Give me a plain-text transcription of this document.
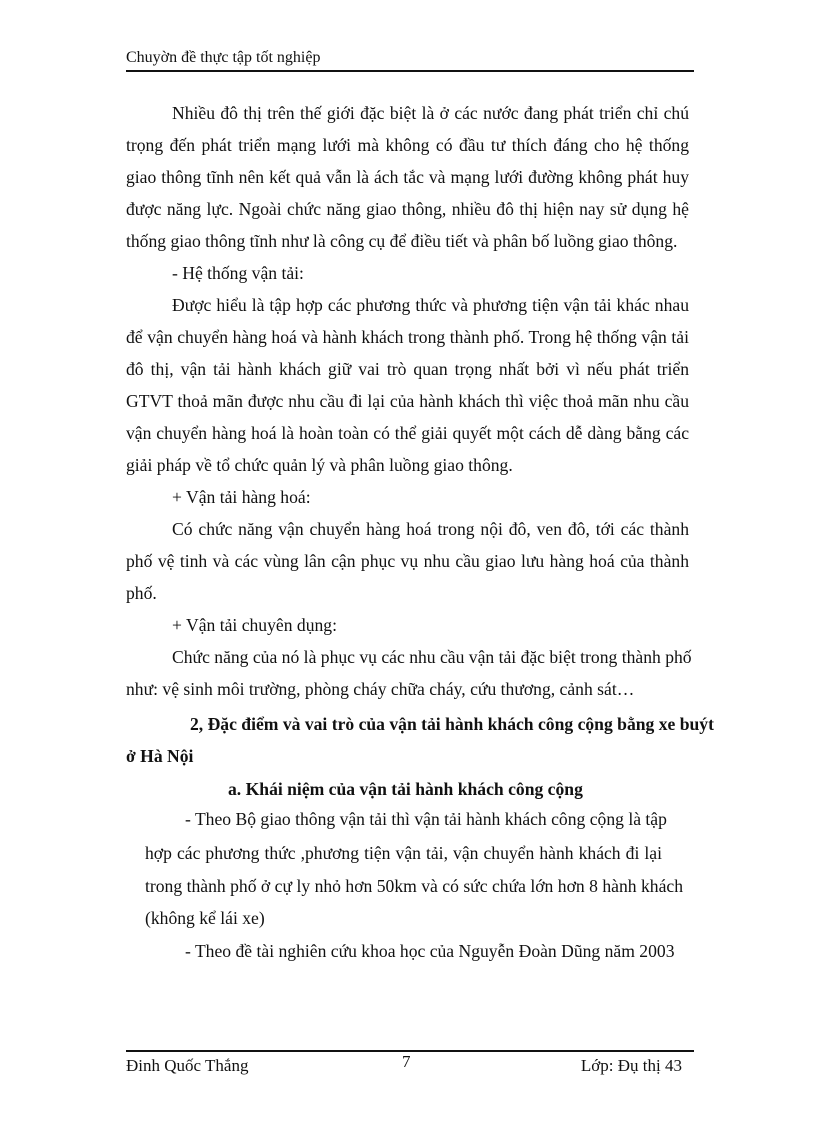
Chuyờn đề thực tập tốt nghiệp
Nhiều đô thị trên thế giới đặc biệt là ở các nước đang phát triển chỉ chú
trọng đến phát triển mạng lưới mà không có đầu tư thích đáng cho hệ thống
giao thông tĩnh nên kết quả vẫn là ách tắc và mạng lưới đường không phát huy
được năng lực. Ngoài chức năng giao thông, nhiều đô thị hiện nay sử dụng hệ
thống giao thông tĩnh như là công cụ để điều tiết và phân bố luồng giao thông.
- Hệ thống vận tải:
Được hiểu là tập hợp các phương thức và phương tiện vận tải khác nhau
để vận chuyển hàng hoá và hành khách trong thành phố. Trong hệ thống vận tải
đô thị, vận tải hành khách giữ vai trò quan trọng nhất bởi vì nếu phát triển
GTVT thoả mãn được nhu cầu đi lại của hành khách thì việc thoả mãn nhu cầu
vận chuyển hàng hoá là hoàn toàn có thể giải quyết một cách dễ dàng bằng các
giải pháp về tổ chức quản lý và phân luồng giao thông.
+ Vận tải hàng hoá:
Có chức năng vận chuyển hàng hoá trong nội đô, ven đô, tới các thành
phố vệ tinh và các vùng lân cận phục vụ nhu cầu giao lưu hàng hoá của thành
phố.
+ Vận tải chuyên dụng:
Chức năng của nó là phục vụ các nhu cầu vận tải đặc biệt trong thành phố
như: vệ sinh môi trường, phòng cháy chữa cháy, cứu thương, cảnh sát…
2, Đặc điểm và vai trò của vận tải hành khách công cộng bằng xe buýt
ở Hà Nội
a. Khái niệm của vận tải hành khách công cộng
- Theo Bộ giao thông vận tải thì vận tải hành khách công cộng là tập
hợp các phương thức ,phương tiện vận tải, vận chuyển hành khách đi lại
trong thành phố ở cự ly nhỏ hơn 50km và có sức chứa lớn hơn 8 hành khách
(không kể lái xe)
- Theo đề tài nghiên cứu khoa học của Nguyễn Đoàn Dũng năm 2003
Đinh Quốc Thắng	7	Lớp: Đụ thị 43
